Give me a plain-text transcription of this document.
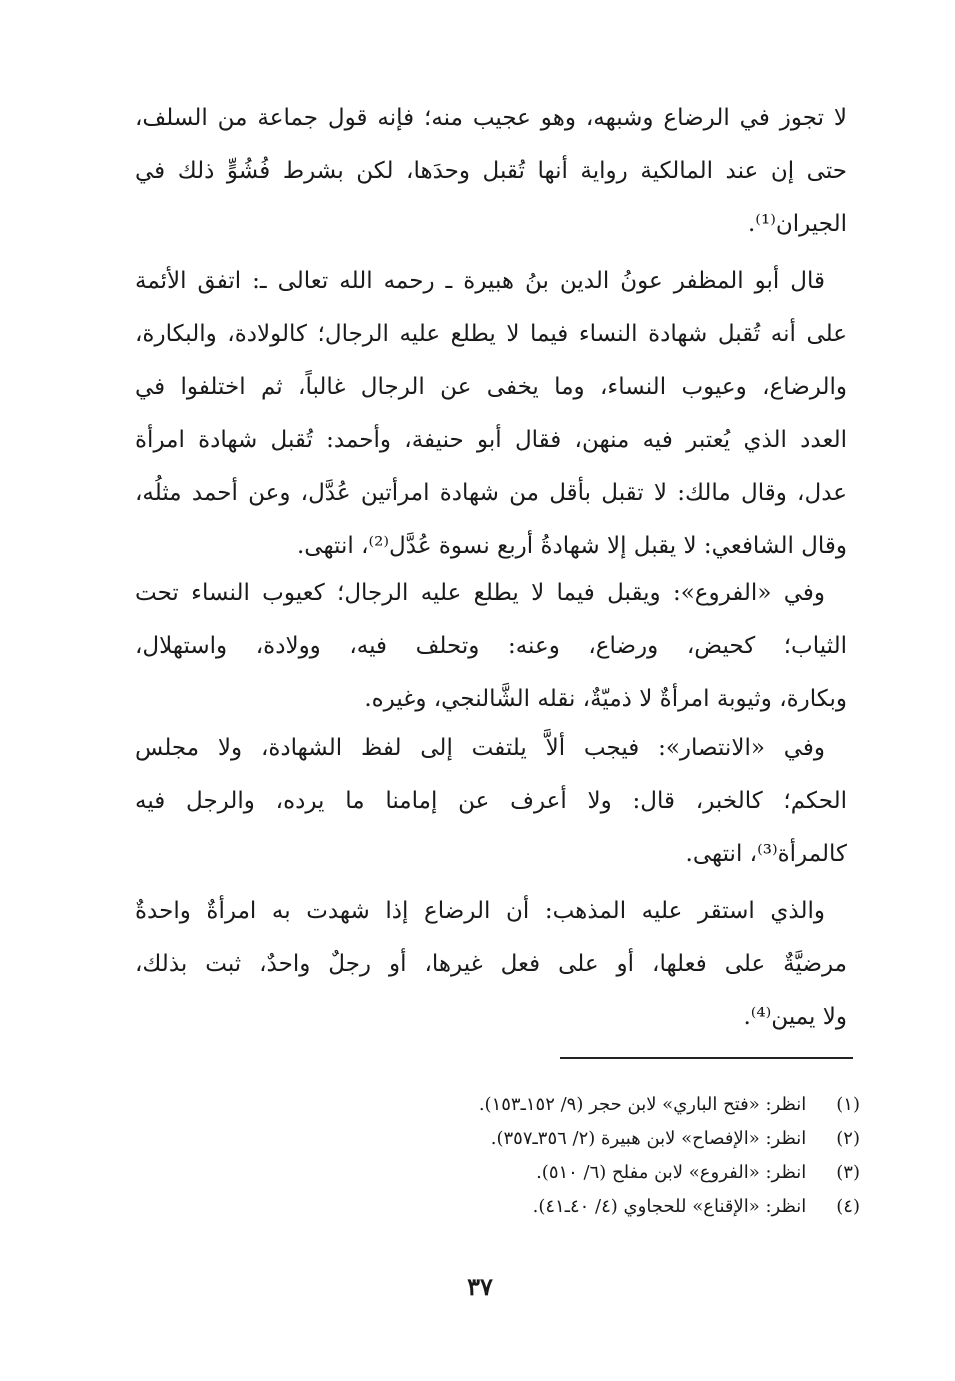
لا تجوز في الرضاع وشبهه، وهو عجيب منه؛ فإنه قول جماعة من السلف،
حتى إن عند المالكية رواية أنها تُقبل وحدَها، لكن بشرط فُشُوٍّ ذلك في
الجيران⁽¹⁾.
قال أبو المظفر عونُ الدين بنُ هبيرة ـ رحمه الله تعالى ـ: اتفق الأئمة
على أنه تُقبل شهادة النساء فيما لا يطلع عليه الرجال؛ كالولادة، والبكارة،
والرضاع، وعيوب النساء، وما يخفى عن الرجال غالباً، ثم اختلفوا في
العدد الذي يُعتبر فيه منهن، فقال أبو حنيفة، وأحمد: تُقبل شهادة امرأة
عدل، وقال مالك: لا تقبل بأقل من شهادة امرأتين عُدَّل، وعن أحمد مثلُه،
وقال الشافعي: لا يقبل إلا شهادةُ أربع نسوة عُدَّل⁽²⁾، انتهى.
وفي «الفروع»: ويقبل فيما لا يطلع عليه الرجال؛ كعيوب النساء تحت
الثياب؛ كحيض، ورضاع، وعنه: وتحلف فيه، وولادة، واستهلال،
وبكارة، وثيوبة امرأةٌ لا ذميّةٌ، نقله الشَّالنجي، وغيره.
وفي «الانتصار»: فيجب ألاَّ يلتفت إلى لفظ الشهادة، ولا مجلس
الحكم؛ كالخبر، قال: ولا أعرف عن إمامنا ما يرده، والرجل فيه
كالمرأة⁽³⁾، انتهى.
والذي استقر عليه المذهب: أن الرضاع إذا شهدت به امرأةٌ واحدةٌ
مرضيَّةٌ على فعلها، أو على فعل غيرها، أو رجلٌ واحدٌ، ثبت بذلك،
ولا يمين⁽⁴⁾.
(١) انظر: «فتح الباري» لابن حجر (٩/ ١٥٢ـ١٥٣).
(٢) انظر: «الإفصاح» لابن هبيرة (٢/ ٣٥٦ـ٣٥٧).
(٣) انظر: «الفروع» لابن مفلح (٦/ ٥١٠).
(٤) انظر: «الإقناع» للحجاوي (٤/ ٤٠ـ٤١).
٣٧
